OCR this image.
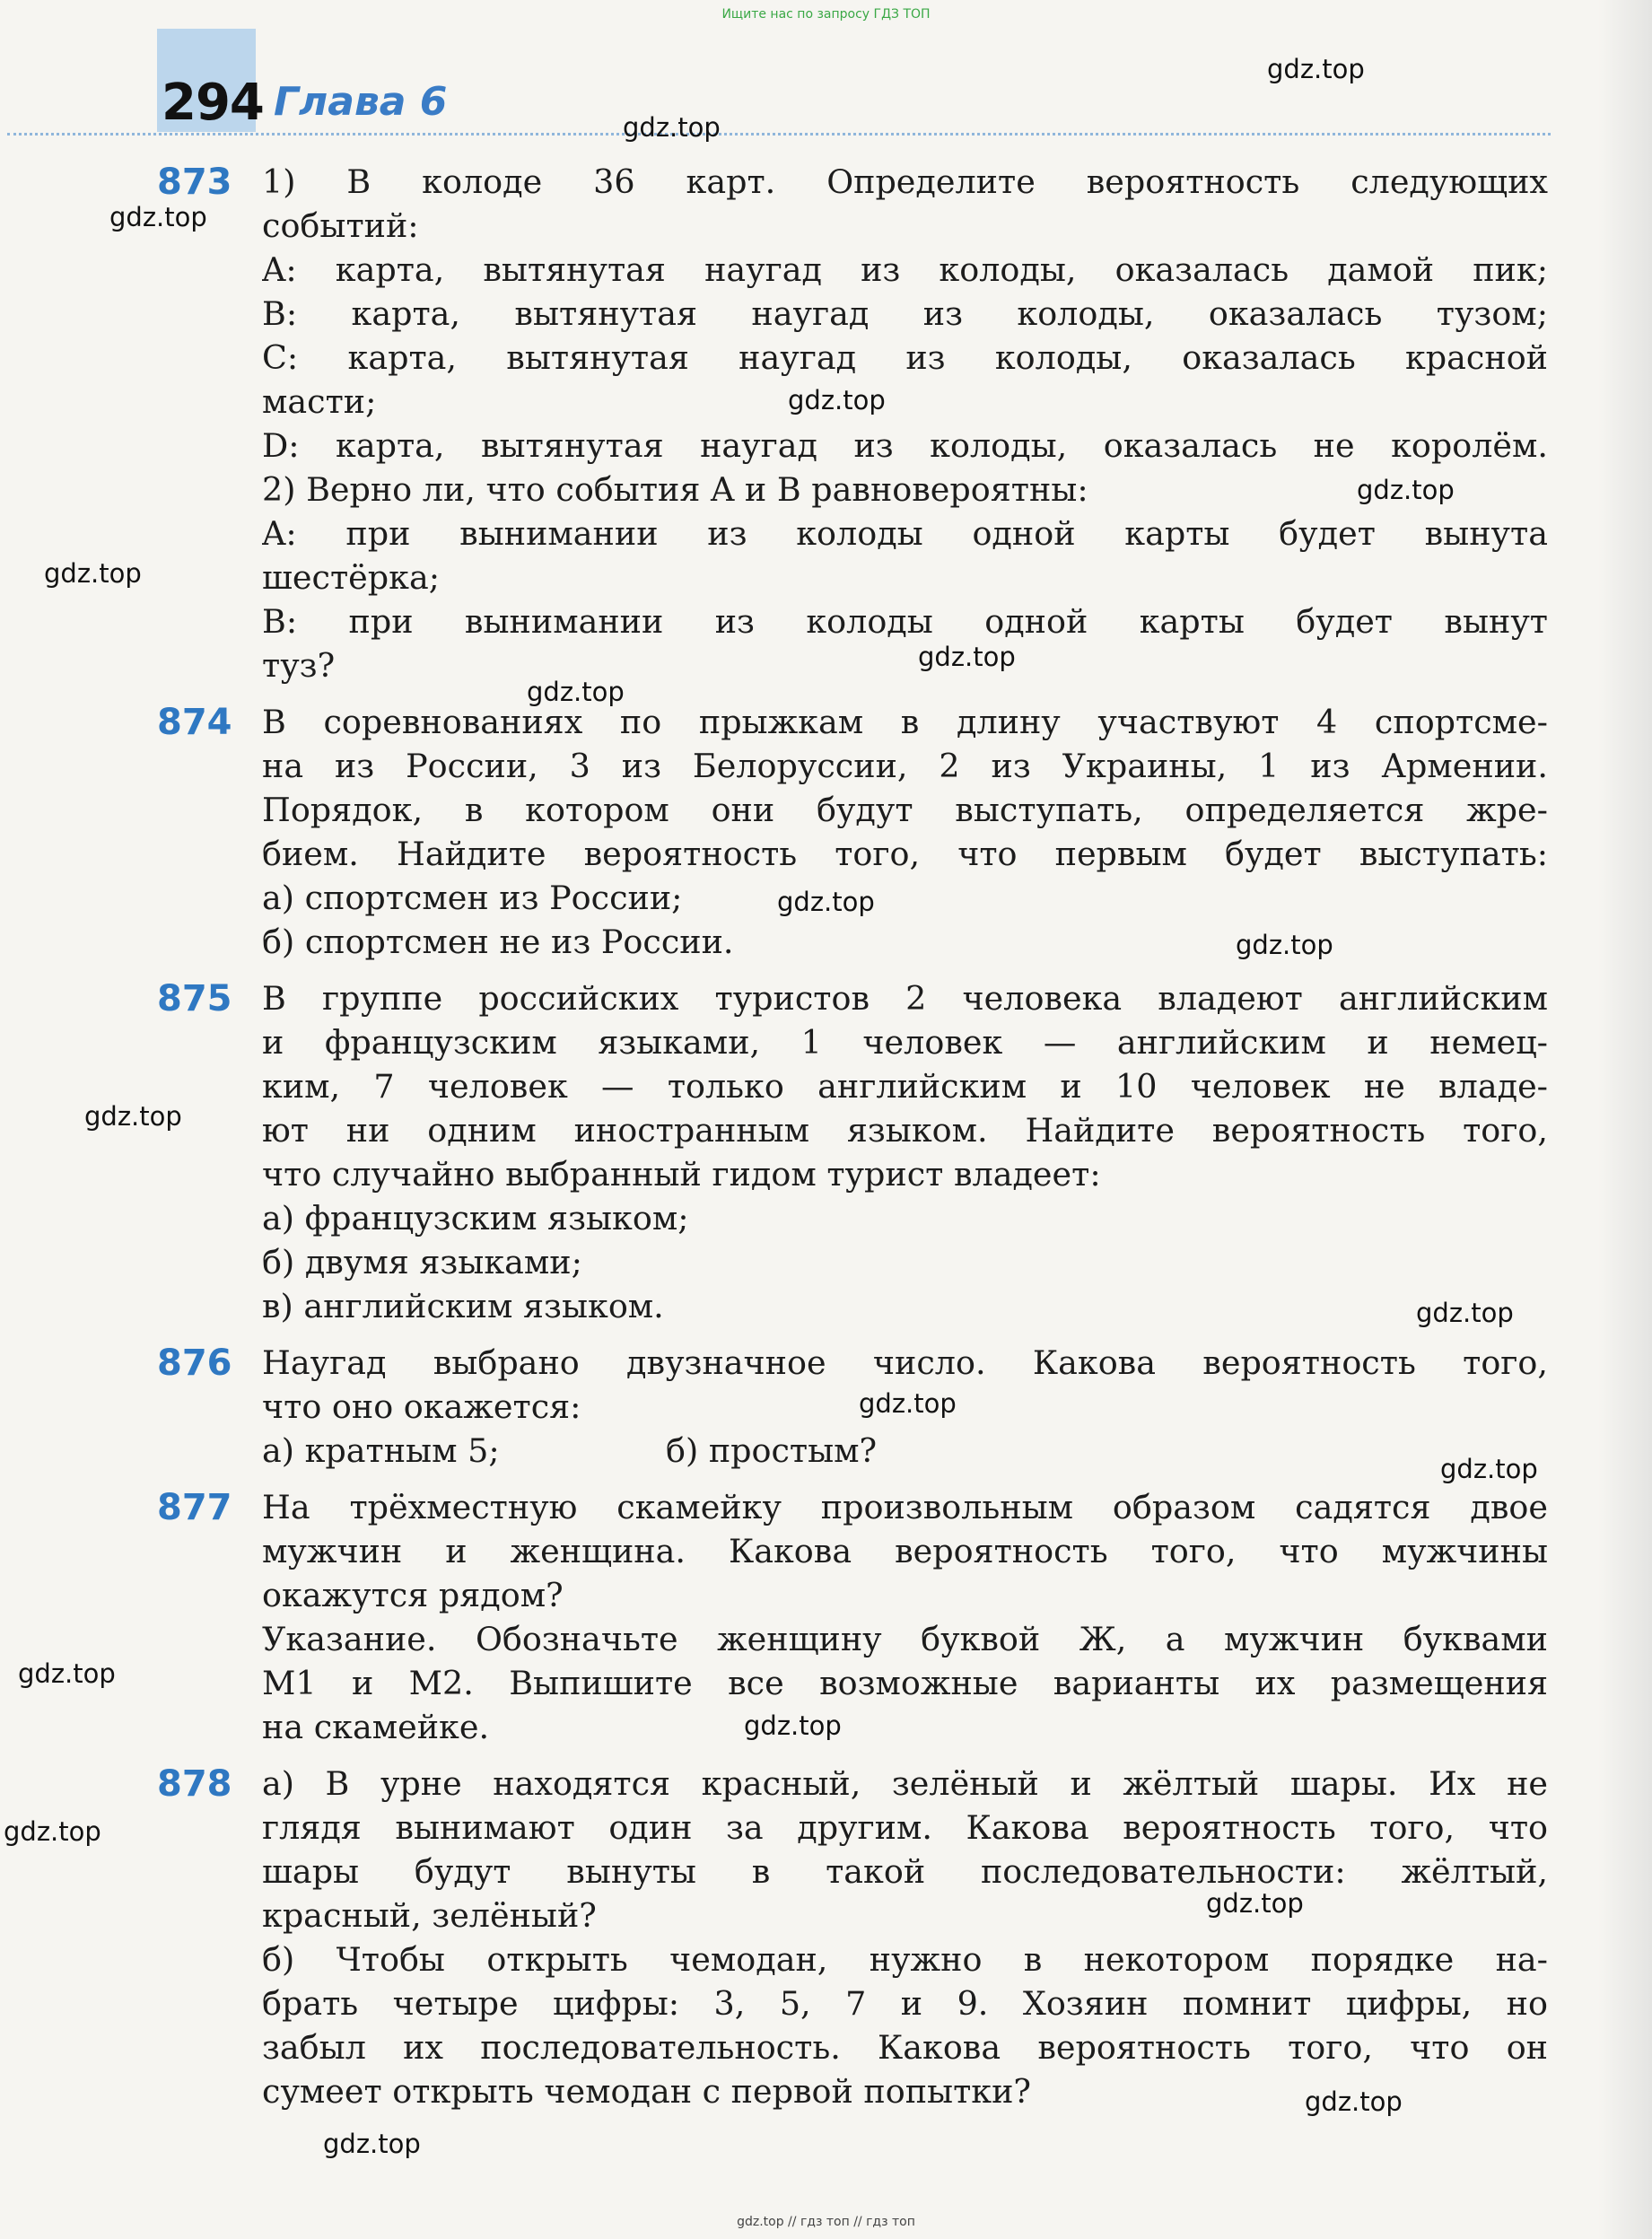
Ищите нас по запросу ГДЗ ТОП
294 Глава 6
873 1) В колоде 36 карт. Определите вероятность следующих
событий:
A: карта, вытянутая наугад из колоды, оказалась дамой пик;
B: карта, вытянутая наугад из колоды, оказалась тузом;
C: карта, вытянутая наугад из колоды, оказалась красной
масти;
D: карта, вытянутая наугад из колоды, оказалась не королём.
2) Верно ли, что события A и B равновероятны:
A: при вынимании из колоды одной карты будет вынута
шестёрка;
B: при вынимании из колоды одной карты будет вынут
туз?
874 В соревнованиях по прыжкам в длину участвуют 4 спортсме-
на из России, 3 из Белоруссии, 2 из Украины, 1 из Армении.
Порядок, в котором они будут выступать, определяется жре-
бием. Найдите вероятность того, что первым будет выступать:
а) спортсмен из России;
б) спортсмен не из России.
875 В группе российских туристов 2 человека владеют английским
и французским языками, 1 человек — английским и немец-
ким, 7 человек — только английским и 10 человек не владе-
ют ни одним иностранным языком. Найдите вероятность того,
что случайно выбранный гидом турист владеет:
а) французским языком;
б) двумя языками;
в) английским языком.
876 Наугад выбрано двузначное число. Какова вероятность того,
что оно окажется:
а) кратным 5;	б) простым?
877 На трёхместную скамейку произвольным образом садятся двое
мужчин и женщина. Какова вероятность того, что мужчины
окажутся рядом?
Указание. Обозначьте женщину буквой Ж, а мужчин буквами
М1 и М2. Выпишите все возможные варианты их размещения
на скамейке.
878 а) В урне находятся красный, зелёный и жёлтый шары. Их не
глядя вынимают один за другим. Какова вероятность того, что
шары будут вынуты в такой последовательности: жёлтый,
красный, зелёный?
б) Чтобы открыть чемодан, нужно в некотором порядке на-
брать четыре цифры: 3, 5, 7 и 9. Хозяин помнит цифры, но
забыл их последовательность. Какова вероятность того, что он
сумеет открыть чемодан с первой попытки?
gdz.top
gdz.top
gdz.top
gdz.top
gdz.top
gdz.top
gdz.top
gdz.top
gdz.top
gdz.top
gdz.top
gdz.top
gdz.top
gdz.top
gdz.top
gdz.top
gdz.top
gdz.top
gdz.top
gdz.top
gdz.top // гдз топ // гдз топ
